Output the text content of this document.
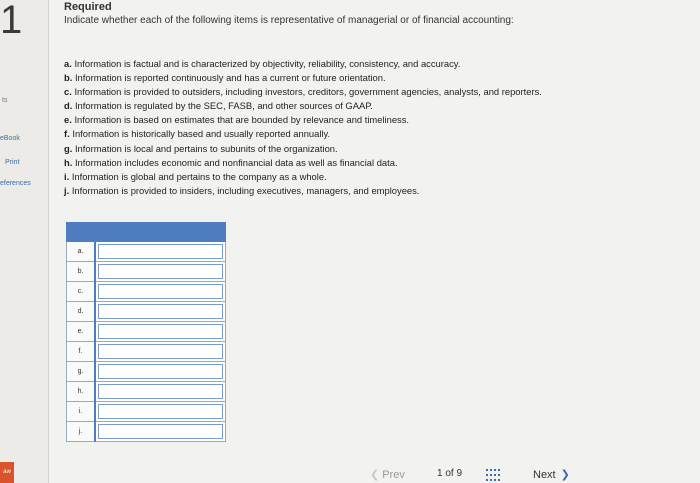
1
ts
eBook
Print
eferences
aw
Required
Indicate whether each of the following items is representative of managerial or of financial accounting:
a. Information is factual and is characterized by objectivity, reliability, consistency, and accuracy.
b. Information is reported continuously and has a current or future orientation.
c. Information is provided to outsiders, including investors, creditors, government agencies, analysts, and reporters.
d. Information is regulated by the SEC, FASB, and other sources of GAAP.
e. Information is based on estimates that are bounded by relevance and timeliness.
f. Information is historically based and usually reported annually.
g. Information is local and pertains to subunits of the organization.
h. Information includes economic and nonfinancial data as well as financial data.
i. Information is global and pertains to the company as a whole.
j. Information is provided to insiders, including executives, managers, and employees.

a.	

b.	

c.	

d.	

e.	

f.	

g.	

h.	

i.	

j.	
❮ Prev	1 of 9	Next ❯
